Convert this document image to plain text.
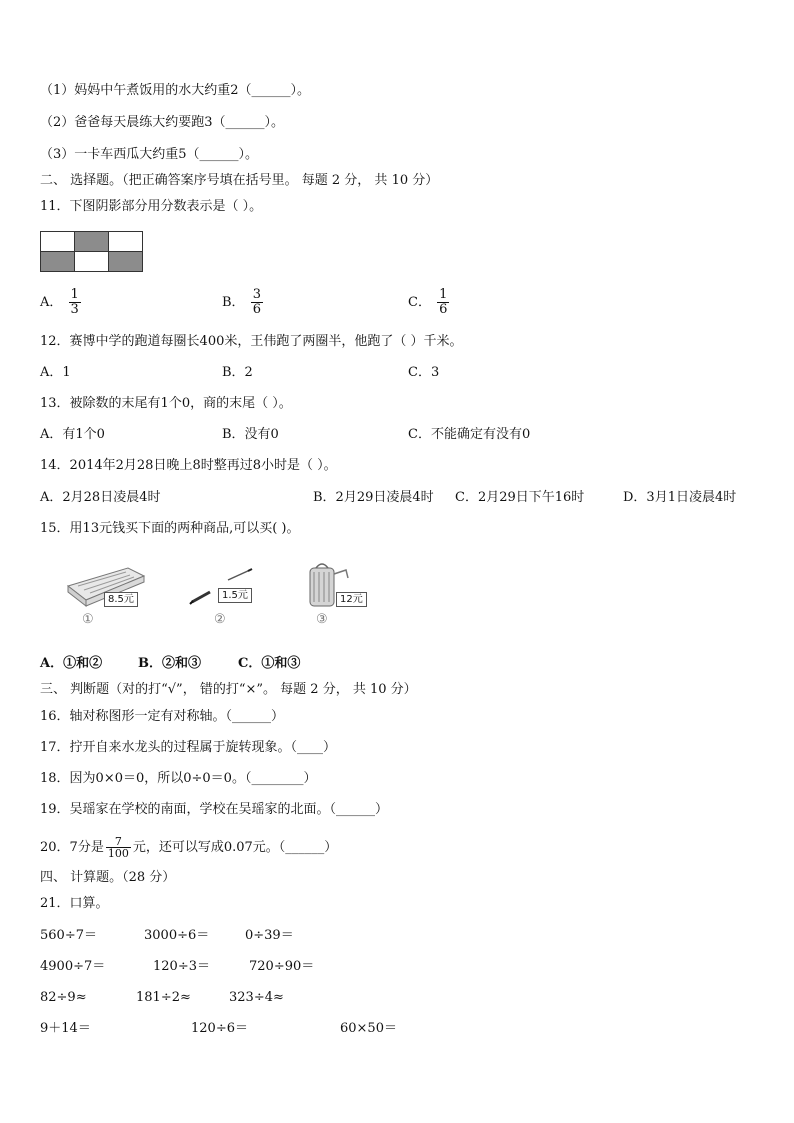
（1）妈妈中午煮饭用的水大约重2（______）。
（2）爸爸每天晨练大约要跑3（______）。
（3）一卡车西瓜大约重5（______）。
二、 选择题。（把正确答案序号填在括号里。 每题 2 分， 共 10 分）
11．下图阴影部分用分数表示是（ ）。

A． $\frac{1}{3}$	B． $\frac{3}{6}$	C． $\frac{1}{6}$
12．赛博中学的跑道每圈长400米，王伟跑了两圈半，他跑了（ ）千米。
A．1	B．2	C．3
13．被除数的末尾有1个0，商的末尾（ ）。
A．有1个0	B．没有0	C．不能确定有没有0
14．2014年2月28日晚上8时整再过8小时是（ ）。
A．2月28日凌晨4时	B．2月29日凌晨4时 C．2月29日下午16时	D．3月1日凌晨4时
15．用13元钱买下面的两种商品,可以买( )。
8.5元
①
1.5元
②
12元
③
A．①和②	B．②和③	C．①和③
三、 判断题（对的打“√”， 错的打“×”。 每题 2 分， 共 10 分）
16．轴对称图形一定有对称轴。（______）
17．拧开自来水龙头的过程属于旋转现象。（____）
18．因为0×0＝0，所以0÷0＝0。（________）
19．吴瑶家在学校的南面，学校在吴瑶家的北面。（______）
20．7分是 $\frac{7}{100}$ 元，还可以写成0.07元。（______）
四、 计算题。（28 分）
21．口算。
560÷7＝	3000÷6＝	0÷39＝
4900÷7＝	120÷3＝	720÷90＝
82÷9≈	181÷2≈	323÷4≈
9＋14＝	120÷6＝	60×50＝
